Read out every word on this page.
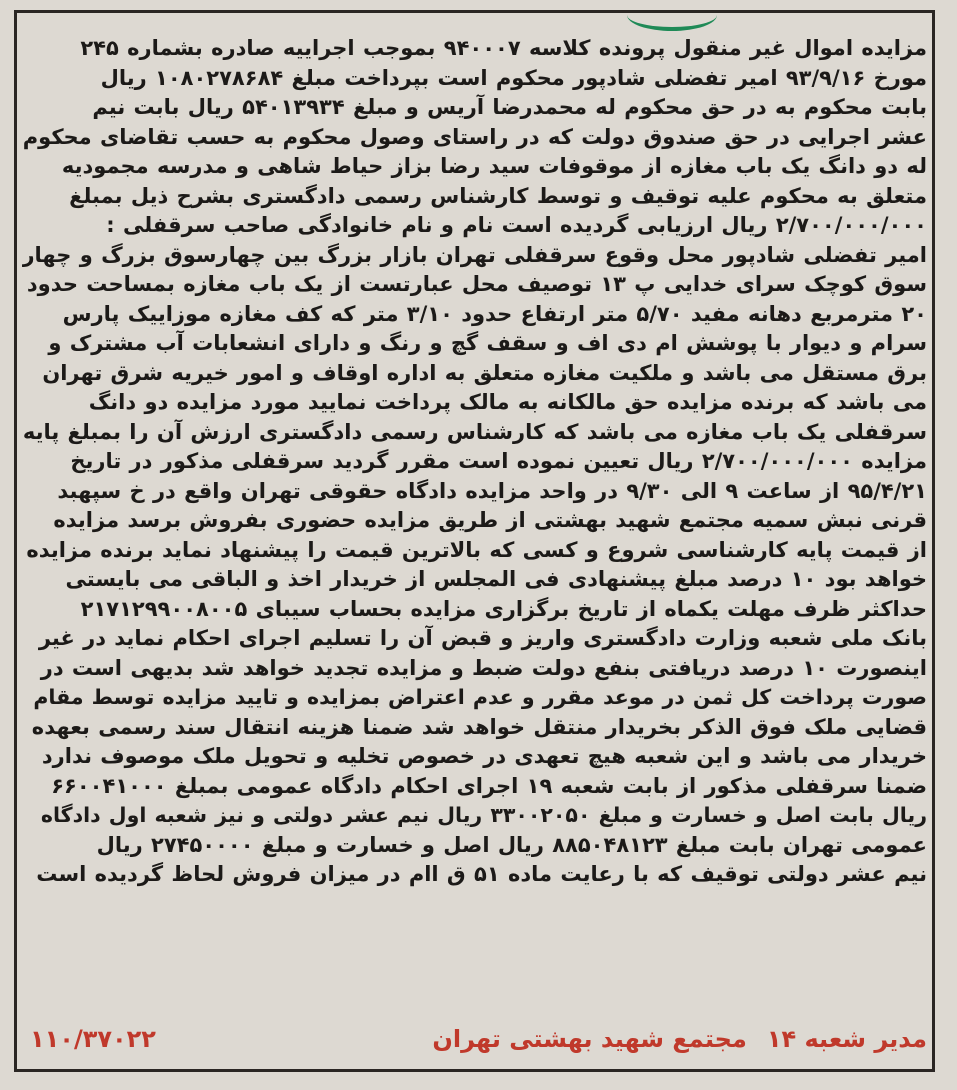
مزایده اموال غیر منقول پرونده کلاسه ۹۴۰۰۰۷ بموجب اجراییه صادره بشماره ۲۴۵
مورخ ۹۳/۹/۱۶ امیر تفضلی شادپور محکوم است بپرداخت مبلغ ۱۰۸۰۲۷۸۶۸۴ ریال
بابت محکوم به در حق محکوم له محمدرضا آریس و مبلغ ۵۴۰۱۳۹۳۴ ریال بابت نیم
عشر اجرایی در حق صندوق دولت که در راستای وصول محکوم به حسب تقاضای محکوم
له دو دانگ یک باب مغازه از موقوفات سید رضا بزاز حیاط شاهی و مدرسه مجمودیه
متعلق به محکوم علیه توقیف و توسط کارشناس رسمی دادگستری بشرح ذیل بمبلغ
۲/۷۰۰/۰۰۰/۰۰۰ ریال ارزیابی گردیده است نام و نام خانوادگی صاحب سرقفلی :
امیر تفضلی شادپور محل وقوع سرقفلی تهران بازار بزرگ بین چهارسوق بزرگ و چهار
سوق کوچک سرای خدایی پ ۱۳ توصیف محل عبارتست از یک باب مغازه بمساحت حدود
۲۰ مترمربع دهانه مفید ۵/۷۰ متر ارتفاع حدود ۳/۱۰ متر که کف مغازه موزاییک پارس
سرام و دیوار با پوشش ام دی اف و سقف گچ و رنگ و دارای انشعابات آب مشترک و
برق مستقل می باشد و ملکیت مغازه متعلق به اداره اوقاف و امور خیریه شرق تهران
می باشد که برنده مزایده حق مالکانه به مالک پرداخت نمایید مورد مزایده دو دانگ
سرقفلی یک باب مغازه می باشد که کارشناس رسمی دادگستری ارزش آن را بمبلغ پایه
مزایده ۲/۷۰۰/۰۰۰/۰۰۰ ریال تعیین نموده است مقرر گردید سرقفلی مذکور در تاریخ
۹۵/۴/۲۱ از ساعت ۹ الی ۹/۳۰ در واحد مزایده دادگاه حقوقی تهران واقع در خ سپهبد
قرنی نبش سمیه مجتمع شهید بهشتی از طریق مزایده حضوری بفروش برسد مزایده
از قیمت پایه کارشناسی شروع و کسی که بالاترین قیمت را پیشنهاد نماید برنده مزایده
خواهد بود ۱۰ درصد مبلغ پیشنهادی فی المجلس از خریدار اخذ و الباقی می بایستی
حداکثر ظرف مهلت یکماه از تاریخ برگزاری مزایده بحساب سیبای ۲۱۷۱۲۹۹۰۰۸۰۰۵
بانک ملی شعبه وزارت دادگستری واریز و قبض آن را تسلیم اجرای احکام نماید در غیر
اینصورت ۱۰ درصد دریافتی بنفع دولت ضبط و مزایده تجدید خواهد شد بدیهی است در
صورت پرداخت کل ثمن در موعد مقرر و عدم اعتراض بمزایده و تایید مزایده توسط مقام
قضایی ملک فوق الذکر بخریدار منتقل خواهد شد ضمنا هزینه انتقال سند رسمی بعهده
خریدار می باشد و این شعبه هیچ تعهدی در خصوص تخلیه و تحویل ملک موصوف ندارد
ضمنا سرقفلی مذکور از بابت شعبه ۱۹ اجرای احکام دادگاه عمومی بمبلغ ۶۶۰۰۴۱۰۰۰
ریال بابت اصل و خسارت و مبلغ ۳۳۰۰۲۰۵۰ ریال نیم عشر دولتی و نیز شعبه اول دادگاه
عمومی تهران بابت مبلغ ۸۸۵۰۴۸۱۲۳ ریال اصل و خسارت و مبلغ ۲۷۴۵۰۰۰۰ ریال
نیم عشر دولتی توقیف که با رعایت ماده ۵۱ ق اام در میزان فروش لحاظ گردیده است
مدیر شعبه ۱۴
مجتمع شهید بهشتی تهران
۱۱۰/۳۷۰۲۲
